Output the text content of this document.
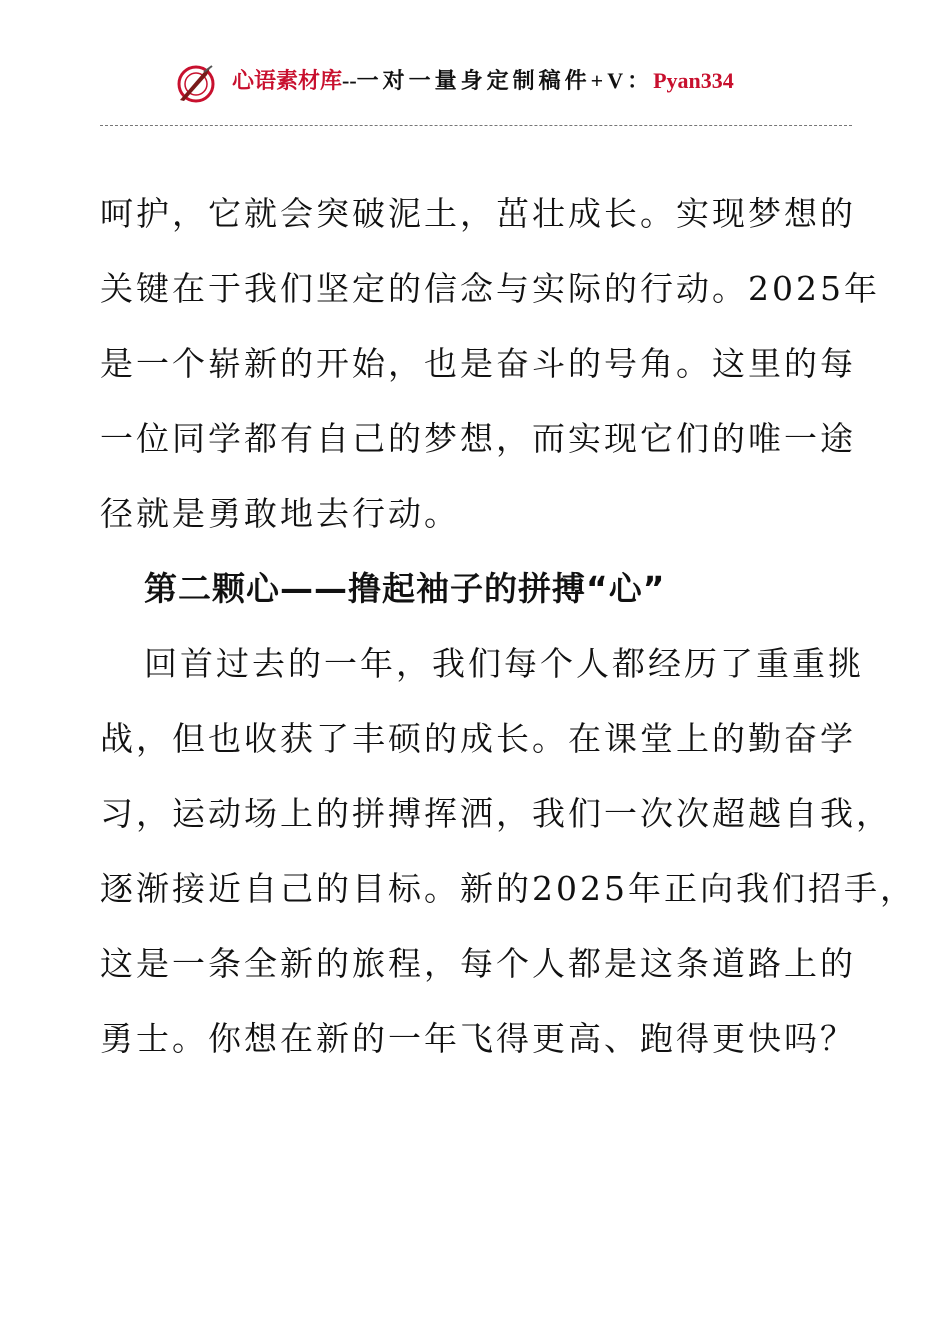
心语素材库--一对一量身定制稿件+V：Pyan334
呵护，它就会突破泥土，茁壮成长。实现梦想的
关键在于我们坚定的信念与实际的行动。2025年
是一个崭新的开始，也是奋斗的号角。这里的每
一位同学都有自己的梦想，而实现它们的唯一途
径就是勇敢地去行动。
第二颗心——撸起袖子的拼搏“心”
回首过去的一年，我们每个人都经历了重重挑
战，但也收获了丰硕的成长。在课堂上的勤奋学
习，运动场上的拼搏挥洒，我们一次次超越自我，
逐渐接近自己的目标。新的2025年正向我们招手，
这是一条全新的旅程，每个人都是这条道路上的
勇士。你想在新的一年飞得更高、跑得更快吗？
